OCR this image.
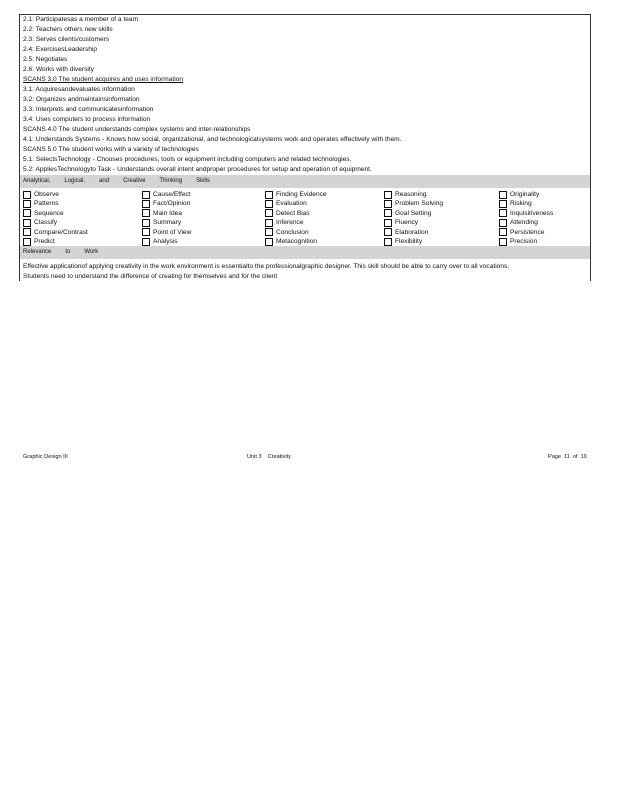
2.1: Participatesas a member of a team
2.2: Teachers others new skills
2.3: Serves clients/customers
2.4: ExercisesLeadership
2.5: Negotiates
2.6: Works with diversity
SCANS 3.0 The student acquires and uses information
3.1: Acquiresandevaluates information
3.2: Organizes andmaintainsinformation
3.3: Interprets and communicatesinformation
3.4: Uses computers to process information
SCANS 4.0 The student understands complex systems and inter-relationships
4.1: Understands Systems - Knows how social, organizational, and technologicalsystems work and operates effectively with them.
SCANS 5.0 The student works with a variety of technologies
5.1: SelectsTechnology - Chooses procedures, tools or equipment including computers and related technologies.
5.2: AppliesTechnologyto Task - Understands overall intent andproper procedures for setup and operation of equipment.
Analytical, Logical, and Creative Thinking Skills
Observe
Patterns
Sequence
Classify
Compare/Contrast
Predict
Cause/Effect
Fact/Opinion
Main Idea
Summary
Point of View
Analysis
Finding Evidence
Evaluation
Detect Bias
Inference
Conclusion
Metacognition
Reasoning
Problem Solving
Goal Setting
Fluency
Elaboration
Flexibility
Originality
Risking
Inquisitiveness
Attending
Persistence
Precision
Relevance to Work
Effective applicationof applying creativity in the work environment is essentialto the professionalgraphic designer. This skill should be able to carry over to all vocations.
Students need to understand the difference of creating for themselves and for the client
Graphic Design III	Unit 3 Creativity	Page 11 of 19
